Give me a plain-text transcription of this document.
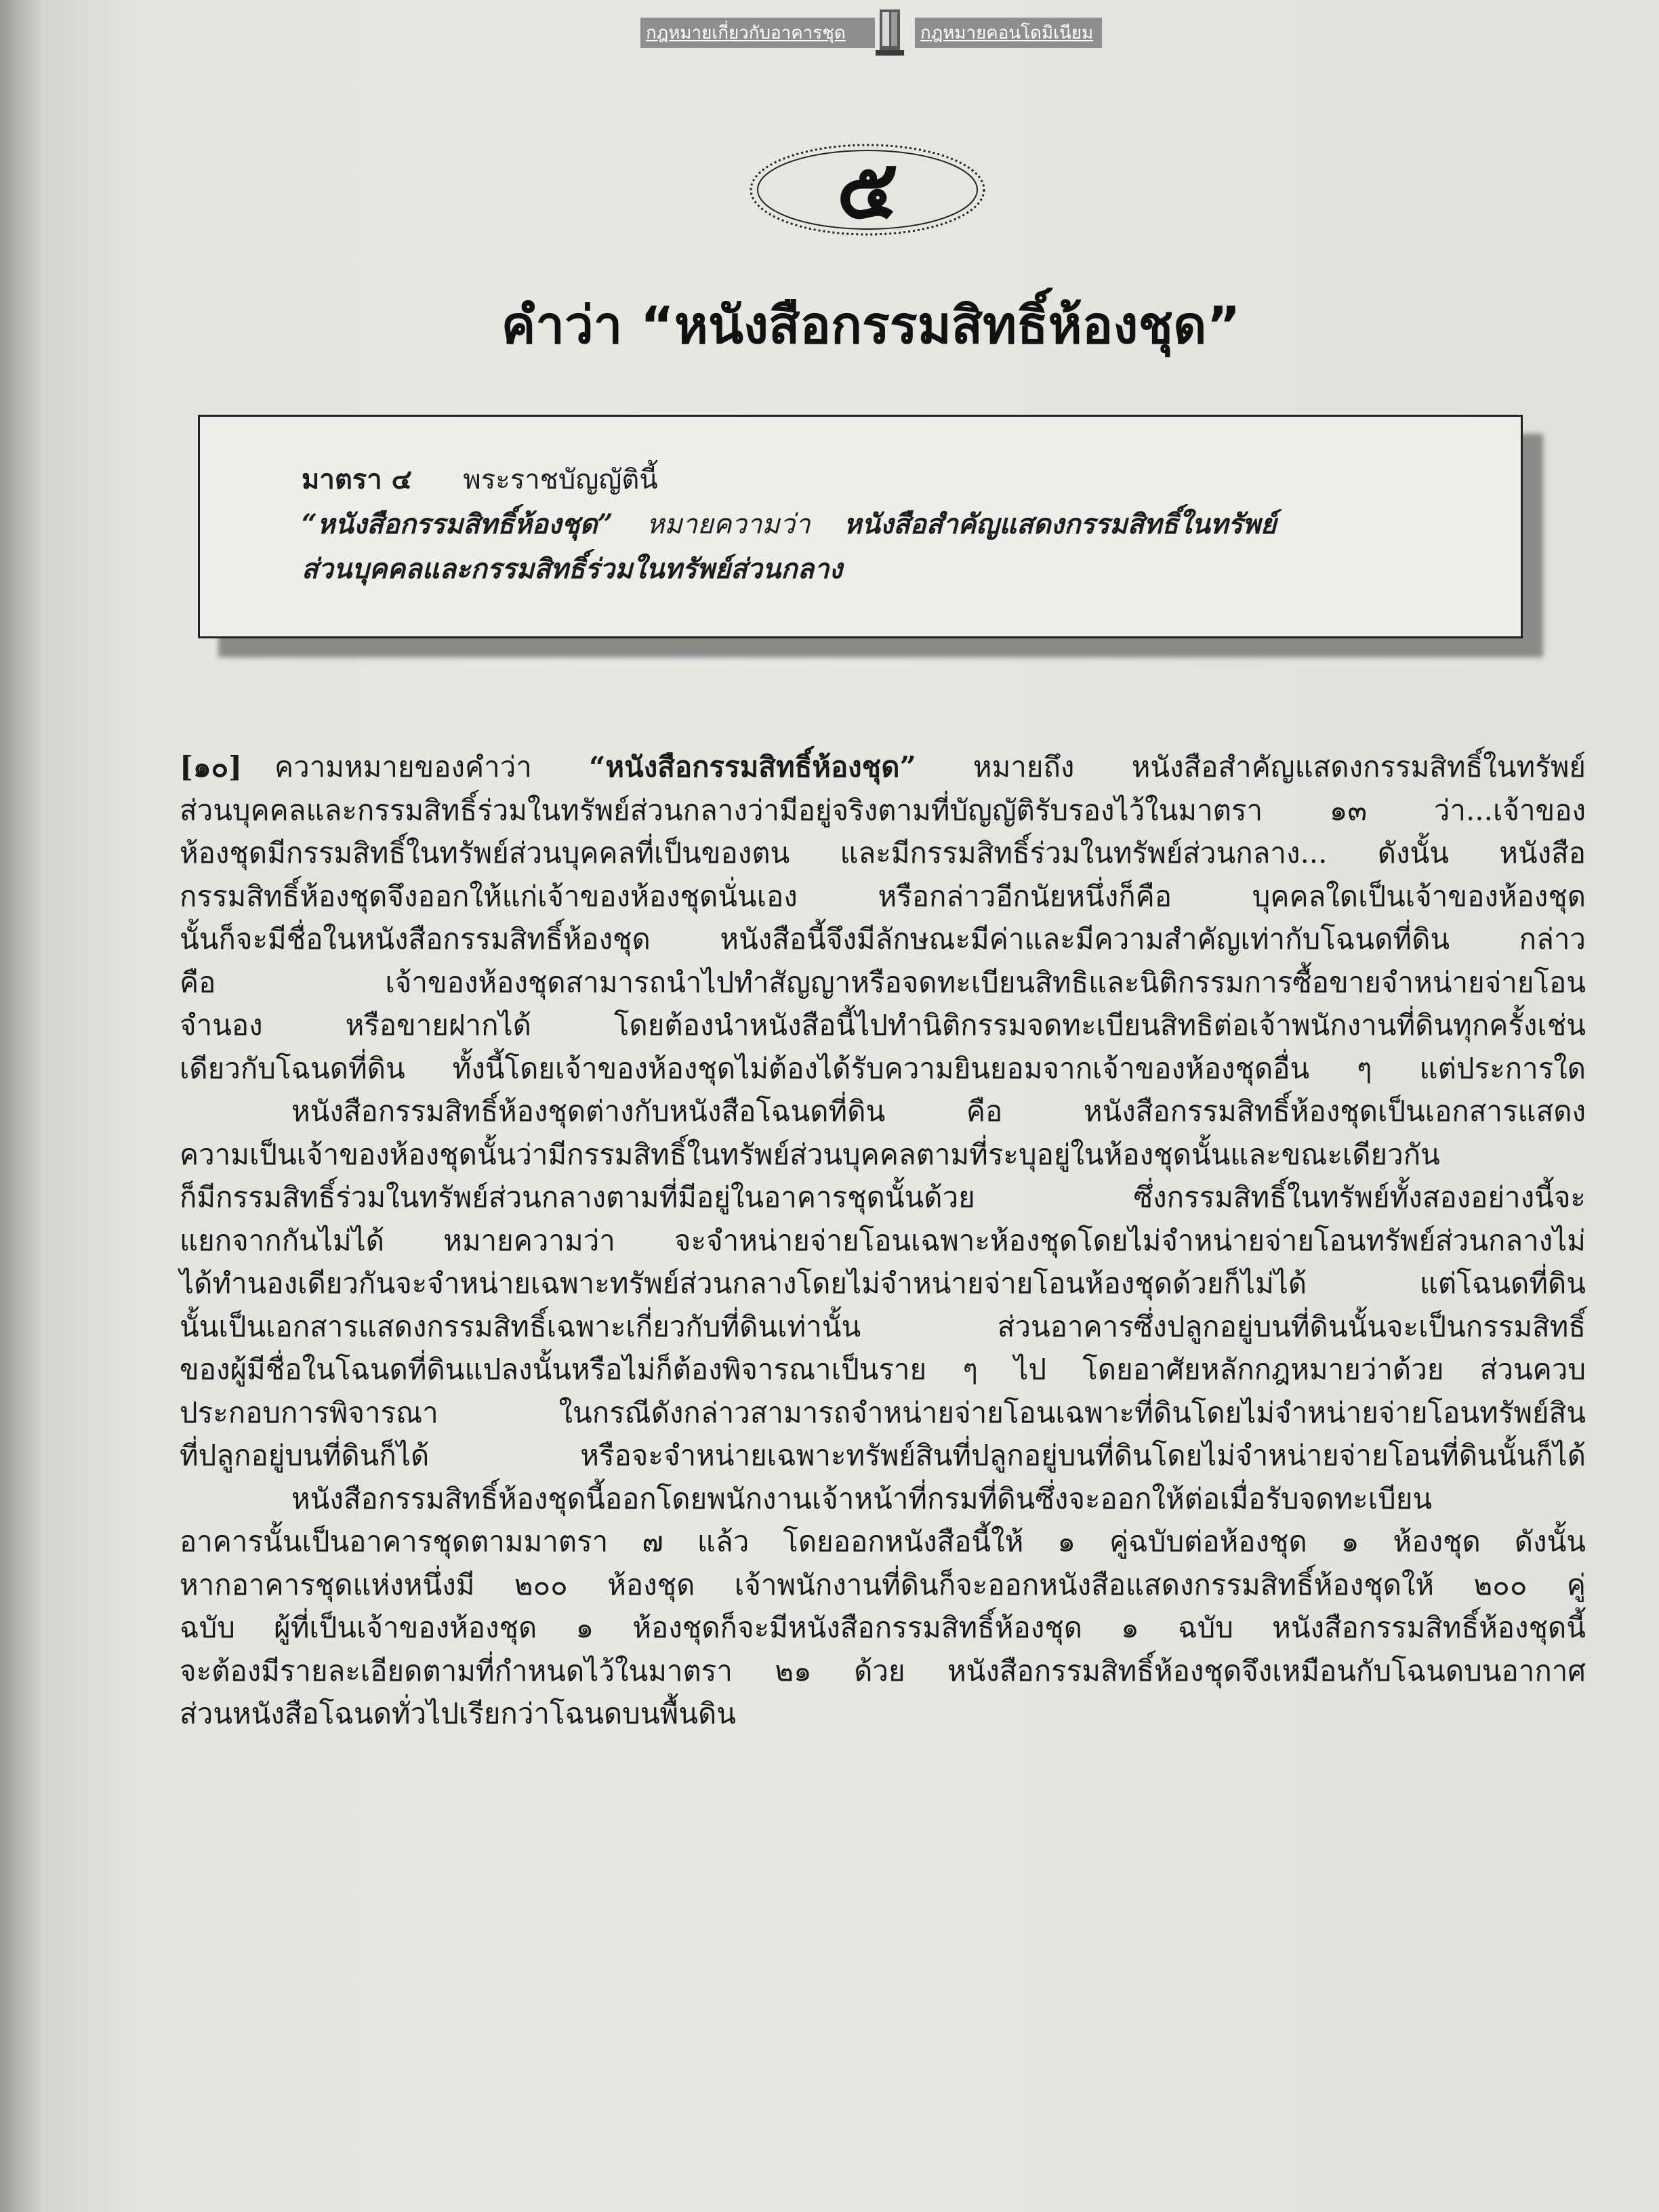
กฎหมายเกี่ยวกับอาคารชุด	กฎหมายคอนโดมิเนียม
๕
คำว่า “หนังสือกรรมสิทธิ์ห้องชุด”
มาตรา ๔ พระราชบัญญัตินี้
“หนังสือกรรมสิทธิ์ห้องชุด” หมายความว่า หนังสือสำคัญแสดงกรรมสิทธิ์ในทรัพย์
ส่วนบุคคลและกรรมสิทธิ์ร่วมในทรัพย์ส่วนกลาง
[๑๐] ความหมายของคำว่า “หนังสือกรรมสิทธิ์ห้องชุด” หมายถึง หนังสือสำคัญแสดงกรรมสิทธิ์ในทรัพย์
ส่วนบุคคลและกรรมสิทธิ์ร่วมในทรัพย์ส่วนกลางว่ามีอยู่จริงตามที่บัญญัติรับรองไว้ในมาตรา ๑๓ ว่า...เจ้าของ
ห้องชุดมีกรรมสิทธิ์ในทรัพย์ส่วนบุคคลที่เป็นของตน และมีกรรมสิทธิ์ร่วมในทรัพย์ส่วนกลาง... ดังนั้น หนังสือ
กรรมสิทธิ์ห้องชุดจึงออกให้แก่เจ้าของห้องชุดนั่นเอง หรือกล่าวอีกนัยหนึ่งก็คือ บุคคลใดเป็นเจ้าของห้องชุด
นั้นก็จะมีชื่อในหนังสือกรรมสิทธิ์ห้องชุด หนังสือนี้จึงมีลักษณะมีค่าและมีความสำคัญเท่ากับโฉนดที่ดิน กล่าว
คือ เจ้าของห้องชุดสามารถนำไปทำสัญญาหรือจดทะเบียนสิทธิและนิติกรรมการซื้อขายจำหน่ายจ่ายโอน
จำนอง หรือขายฝากได้ โดยต้องนำหนังสือนี้ไปทำนิติกรรมจดทะเบียนสิทธิต่อเจ้าพนักงานที่ดินทุกครั้งเช่น
เดียวกับโฉนดที่ดิน ทั้งนี้โดยเจ้าของห้องชุดไม่ต้องได้รับความยินยอมจากเจ้าของห้องชุดอื่น ๆ แต่ประการใด
หนังสือกรรมสิทธิ์ห้องชุดต่างกับหนังสือโฉนดที่ดิน คือ หนังสือกรรมสิทธิ์ห้องชุดเป็นเอกสารแสดง
ความเป็นเจ้าของห้องชุดนั้นว่ามีกรรมสิทธิ์ในทรัพย์ส่วนบุคคลตามที่ระบุอยู่ในห้องชุดนั้นและขณะเดียวกัน
ก็มีกรรมสิทธิ์ร่วมในทรัพย์ส่วนกลางตามที่มีอยู่ในอาคารชุดนั้นด้วย ซึ่งกรรมสิทธิ์ในทรัพย์ทั้งสองอย่างนี้จะ
แยกจากกันไม่ได้ หมายความว่า จะจำหน่ายจ่ายโอนเฉพาะห้องชุดโดยไม่จำหน่ายจ่ายโอนทรัพย์ส่วนกลางไม่
ได้ทำนองเดียวกันจะจำหน่ายเฉพาะทรัพย์ส่วนกลางโดยไม่จำหน่ายจ่ายโอนห้องชุดด้วยก็ไม่ได้ แต่โฉนดที่ดิน
นั้นเป็นเอกสารแสดงกรรมสิทธิ์เฉพาะเกี่ยวกับที่ดินเท่านั้น ส่วนอาคารซึ่งปลูกอยู่บนที่ดินนั้นจะเป็นกรรมสิทธิ์
ของผู้มีชื่อในโฉนดที่ดินแปลงนั้นหรือไม่ก็ต้องพิจารณาเป็นราย ๆ ไป โดยอาศัยหลักกฎหมายว่าด้วย ส่วนควบ
ประกอบการพิจารณา ในกรณีดังกล่าวสามารถจำหน่ายจ่ายโอนเฉพาะที่ดินโดยไม่จำหน่ายจ่ายโอนทรัพย์สิน
ที่ปลูกอยู่บนที่ดินก็ได้ หรือจะจำหน่ายเฉพาะทรัพย์สินที่ปลูกอยู่บนที่ดินโดยไม่จำหน่ายจ่ายโอนที่ดินนั้นก็ได้
หนังสือกรรมสิทธิ์ห้องชุดนี้ออกโดยพนักงานเจ้าหน้าที่กรมที่ดินซึ่งจะออกให้ต่อเมื่อรับจดทะเบียน
อาคารนั้นเป็นอาคารชุดตามมาตรา ๗ แล้ว โดยออกหนังสือนี้ให้ ๑ คู่ฉบับต่อห้องชุด ๑ ห้องชุด ดังนั้น
หากอาคารชุดแห่งหนึ่งมี ๒๐๐ ห้องชุด เจ้าพนักงานที่ดินก็จะออกหนังสือแสดงกรรมสิทธิ์ห้องชุดให้ ๒๐๐ คู่
ฉบับ ผู้ที่เป็นเจ้าของห้องชุด ๑ ห้องชุดก็จะมีหนังสือกรรมสิทธิ์ห้องชุด ๑ ฉบับ หนังสือกรรมสิทธิ์ห้องชุดนี้
จะต้องมีรายละเอียดตามที่กำหนดไว้ในมาตรา ๒๑ ด้วย หนังสือกรรมสิทธิ์ห้องชุดจึงเหมือนกับโฉนดบนอากาศ
ส่วนหนังสือโฉนดทั่วไปเรียกว่าโฉนดบนพื้นดิน
